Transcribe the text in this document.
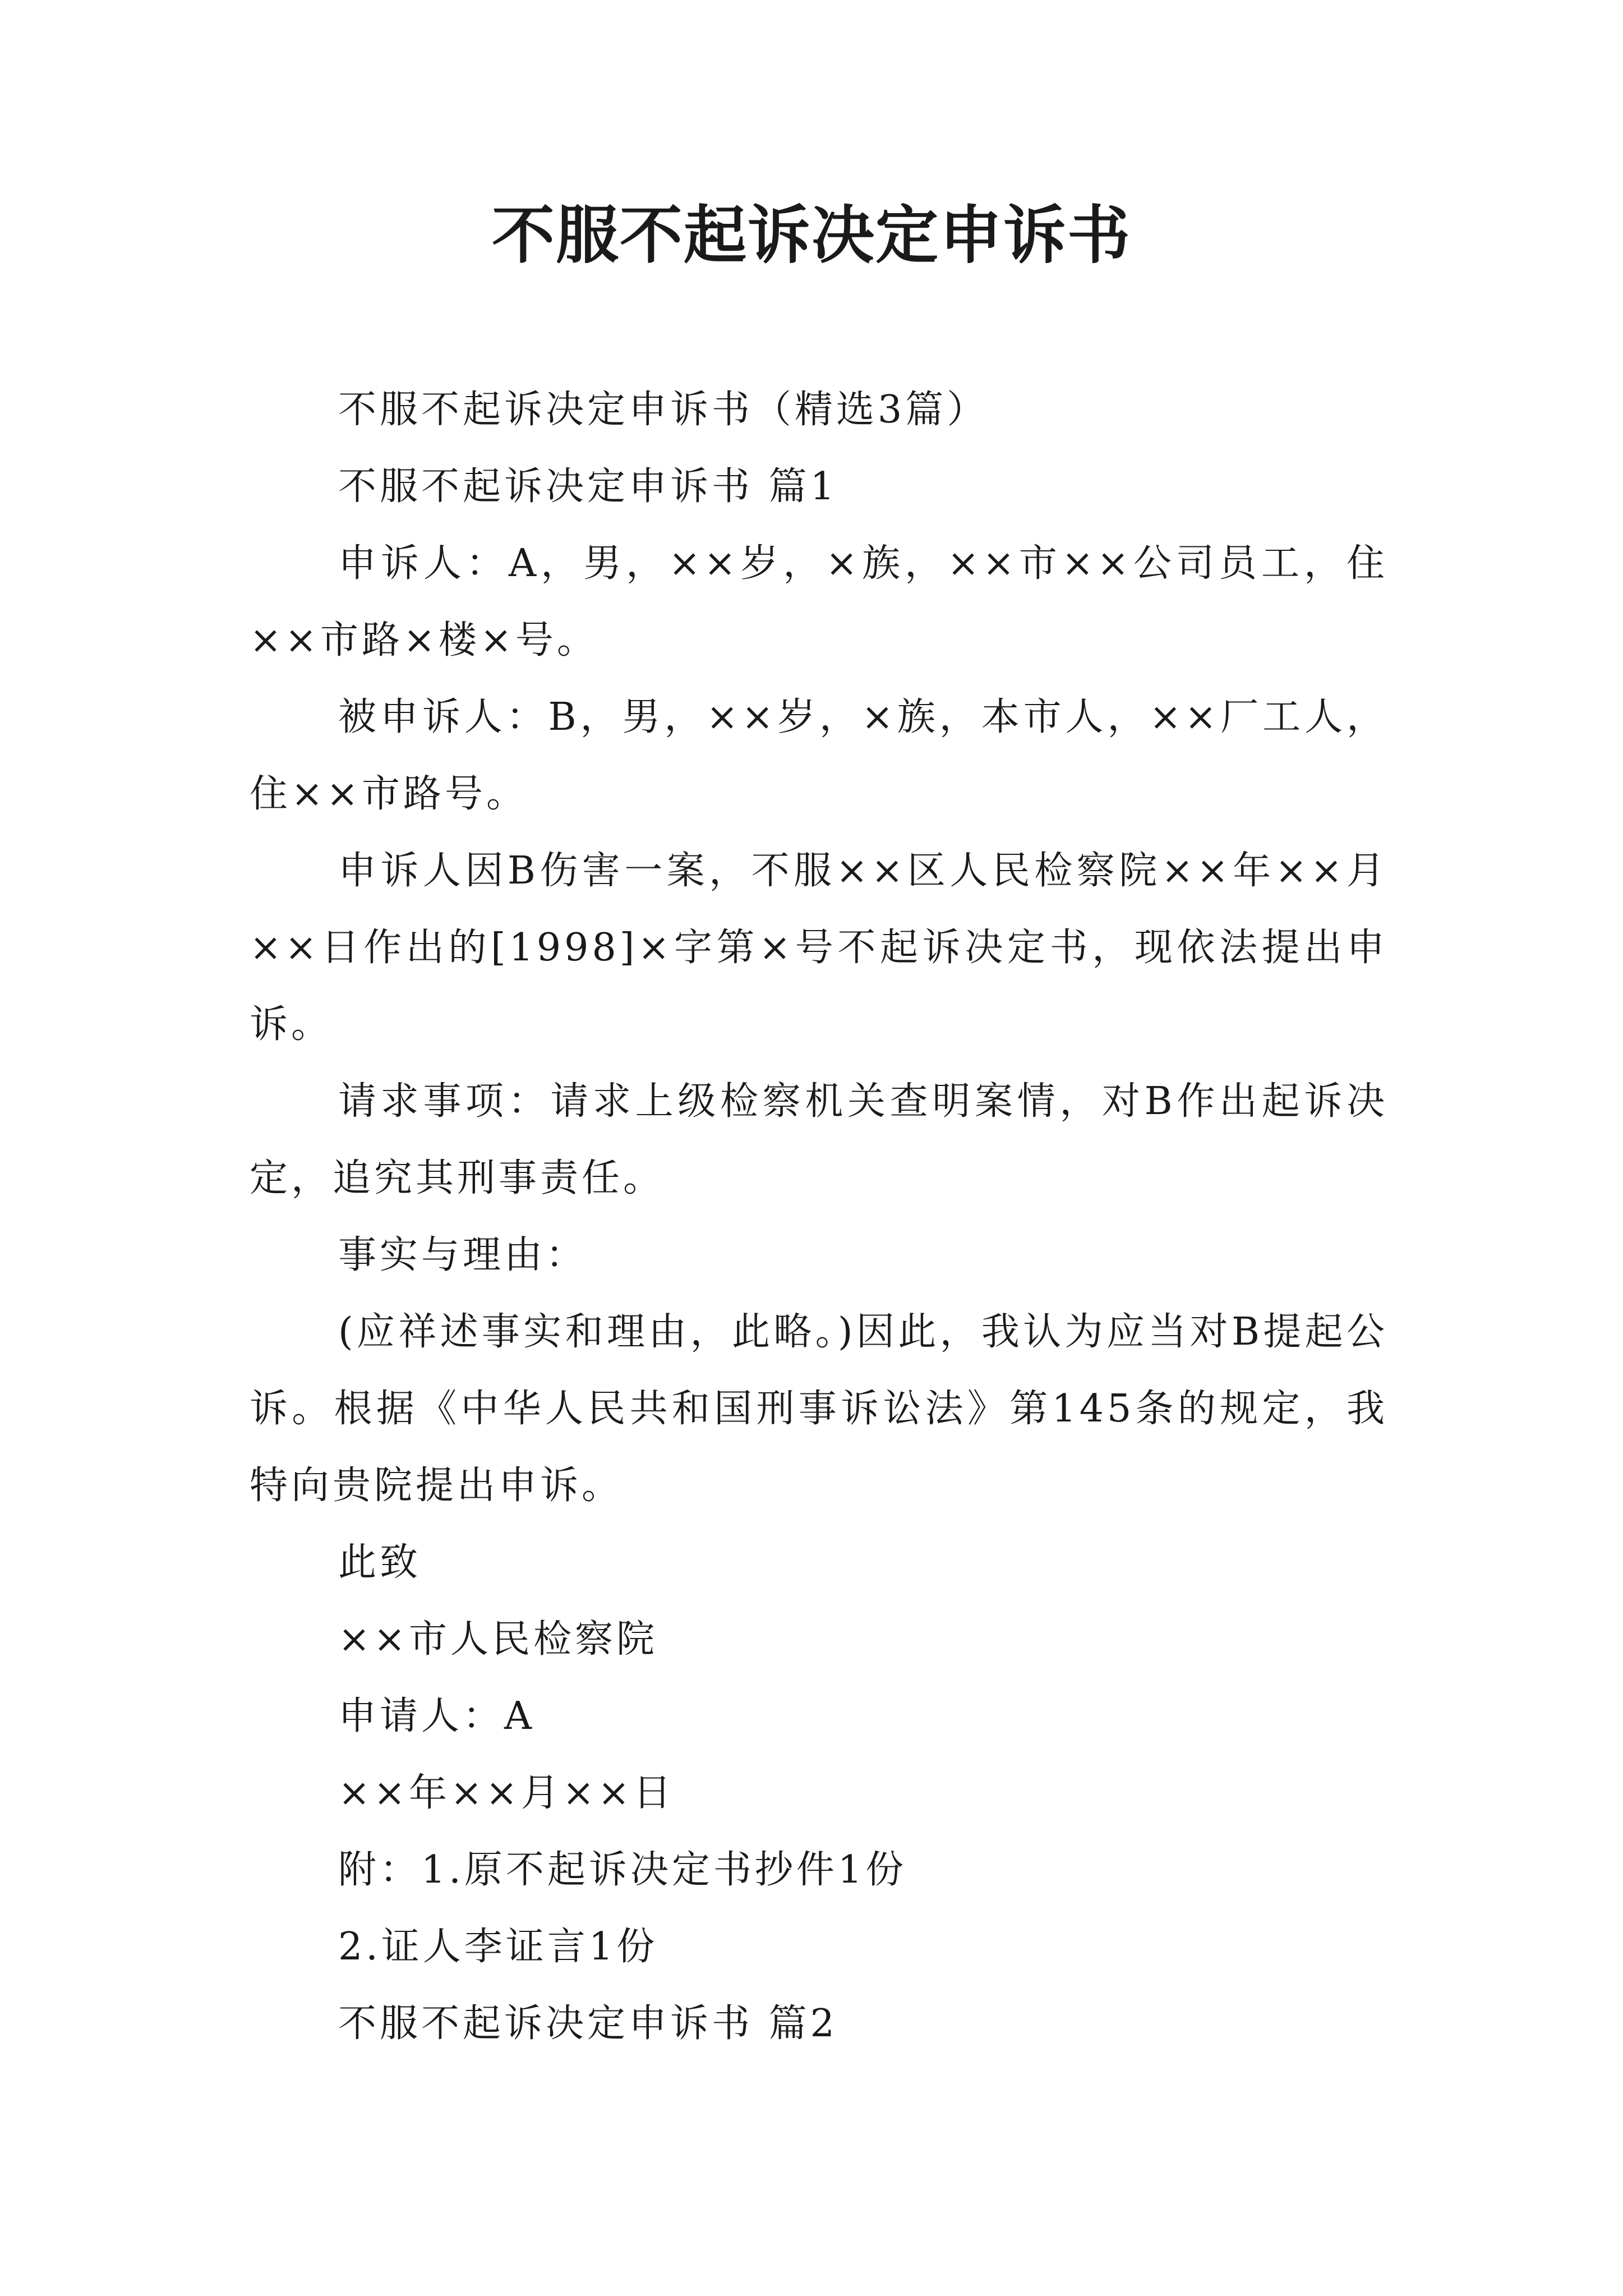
不服不起诉决定申诉书

不服不起诉决定申诉书（精选3篇）

不服不起诉决定申诉书 篇1

申诉人：A，男，××岁，×族，××市××公司员工，住××市路×楼×号。

被申诉人：B，男，××岁，×族，本市人，××厂工人，住××市路号。

申诉人因B伤害一案，不服××区人民检察院××年××月××日作出的[1998]×字第×号不起诉决定书，现依法提出申诉。

请求事项：请求上级检察机关查明案情，对B作出起诉决定，追究其刑事责任。

事实与理由：

(应祥述事实和理由，此略。)因此，我认为应当对B提起公诉。根据《中华人民共和国刑事诉讼法》第145条的规定，我特向贵院提出申诉。

此致

××市人民检察院

申请人：A

××年××月××日

附：1.原不起诉决定书抄件1份

2.证人李证言1份

不服不起诉决定申诉书 篇2
